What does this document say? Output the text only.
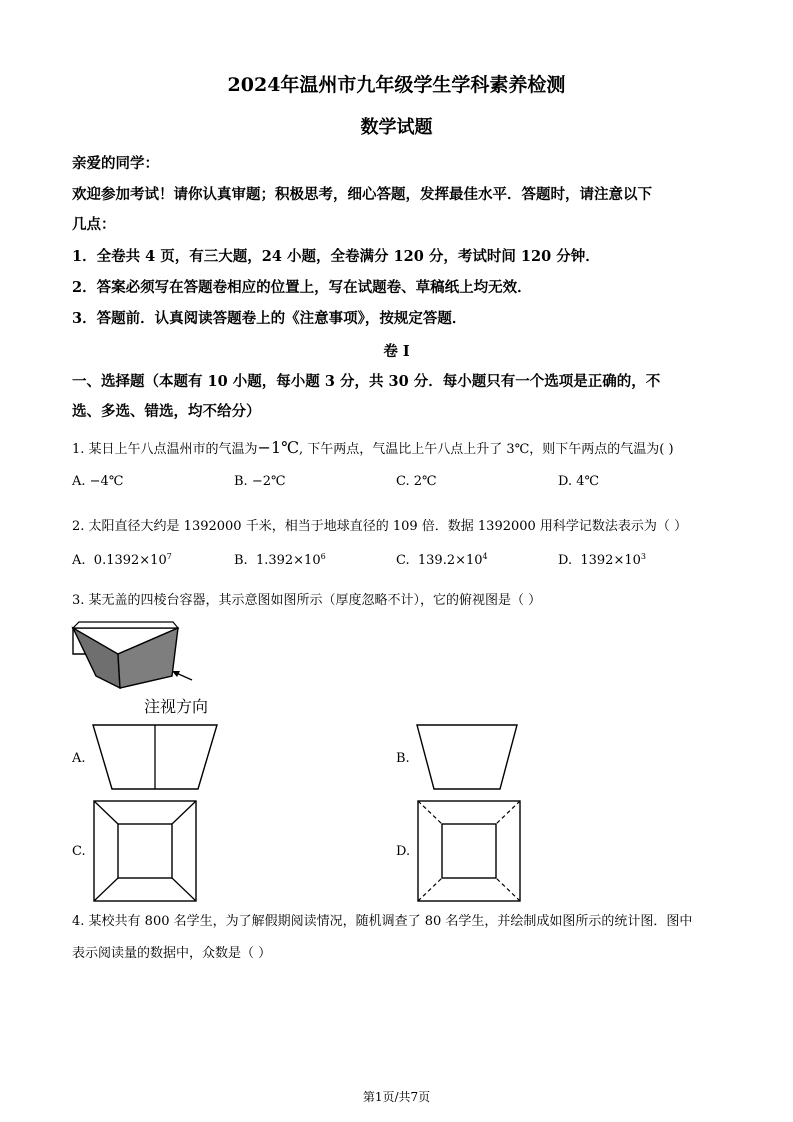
2024年温州市九年级学生学科素养检测
数学试题
亲爱的同学：
欢迎参加考试！请你认真审题；积极思考，细心答题，发挥最佳水平．答题时，请注意以下
几点：
1．全卷共 4 页，有三大题，24 小题，全卷满分 120 分，考试时间 120 分钟．
2．答案必须写在答题卷相应的位置上，写在试题卷、草稿纸上均无效．
3．答题前．认真阅读答题卷上的《注意事项》，按规定答题．
卷 I
一、选择题（本题有 10 小题，每小题 3 分，共 30 分．每小题只有一个选项是正确的，不
选、多选、错选，均不给分）
1. 某日上午八点温州市的气温为−1℃, 下午两点，气温比上午八点上升了 3℃，则下午两点的气温为( )
A. −4℃	B. −2℃	C. 2℃	D. 4℃
2. 太阳直径大约是 1392000 千米，相当于地球直径的 109 倍．数据 1392000 用科学记数法表示为（ ）
A. $0.1392\times 10^7$	B. $1.392\times 10^6$	C. $139.2\times 10^4$	D. $1392\times 10^3$
3. 某无盖的四棱台容器，其示意图如图所示（厚度忽略不计），它的俯视图是（ ）
注视方向
A.	B.
C.	D.
4. 某校共有 800 名学生，为了解假期阅读情况，随机调查了 80 名学生，并绘制成如图所示的统计图．图中
表示阅读量的数据中，众数是（ ）
第1页/共7页
